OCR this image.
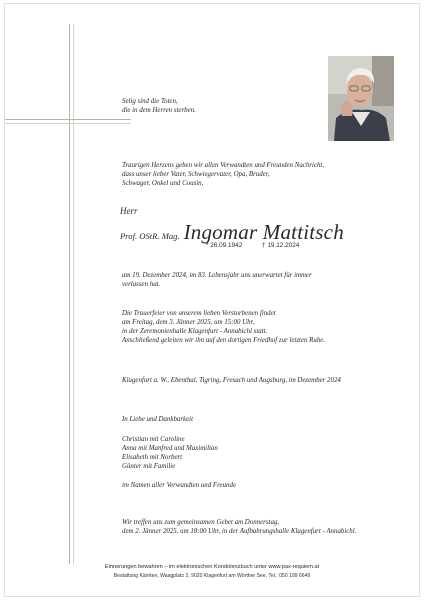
Selig sind die Toten,
die in dem Herren sterben.
Traurigen Herzens geben wir allen Verwandten und Freunden Nachricht,
dass unser lieber Vater, Schwiegervater, Opa, Bruder,
Schwager, Onkel und Cousin,
Herr
Prof. OStR. Mag. Ingomar Mattitsch
* 26.09.1942	† 19.12.2024
am 19. Dezember 2024, im 83. Lebensjahr uns unerwartet für immer
verlassen hat.
Die Trauerfeier von unserem lieben Verstorbenen findet
am Freitag, dem 3. Jänner 2025, um 15:00 Uhr,
in der Zeremonienhalle Klagenfurt - Annabichl statt.
Anschließend geleiten wir ihn auf den dortigen Friedhof zur letzten Ruhe.
Klagenfurt a. W., Ebenthal, Tigring, Fresach und Augsburg, im Dezember 2024
In Liebe und Dankbarkeit
Christian mit Caroline
Anna mit Manfred und Maximilian
Elisabeth mit Norbert
Günter mit Familie
im Namen aller Verwandten und Freunde
Wir treffen uns zum gemeinsamen Gebet am Donnerstag,
dem 2. Jänner 2025, um 18:00 Uhr, in der Aufbahrungshalle Klagenfurt - Annabichl.
Einnerungen bewahren – im elektronischen Kondolenzbuch unter www.pax-requiem.at
Bestattung Kärnten, Waagplatz 2, 9020 Klagenfurt am Wörther See, Tel.: 050 199 6649
